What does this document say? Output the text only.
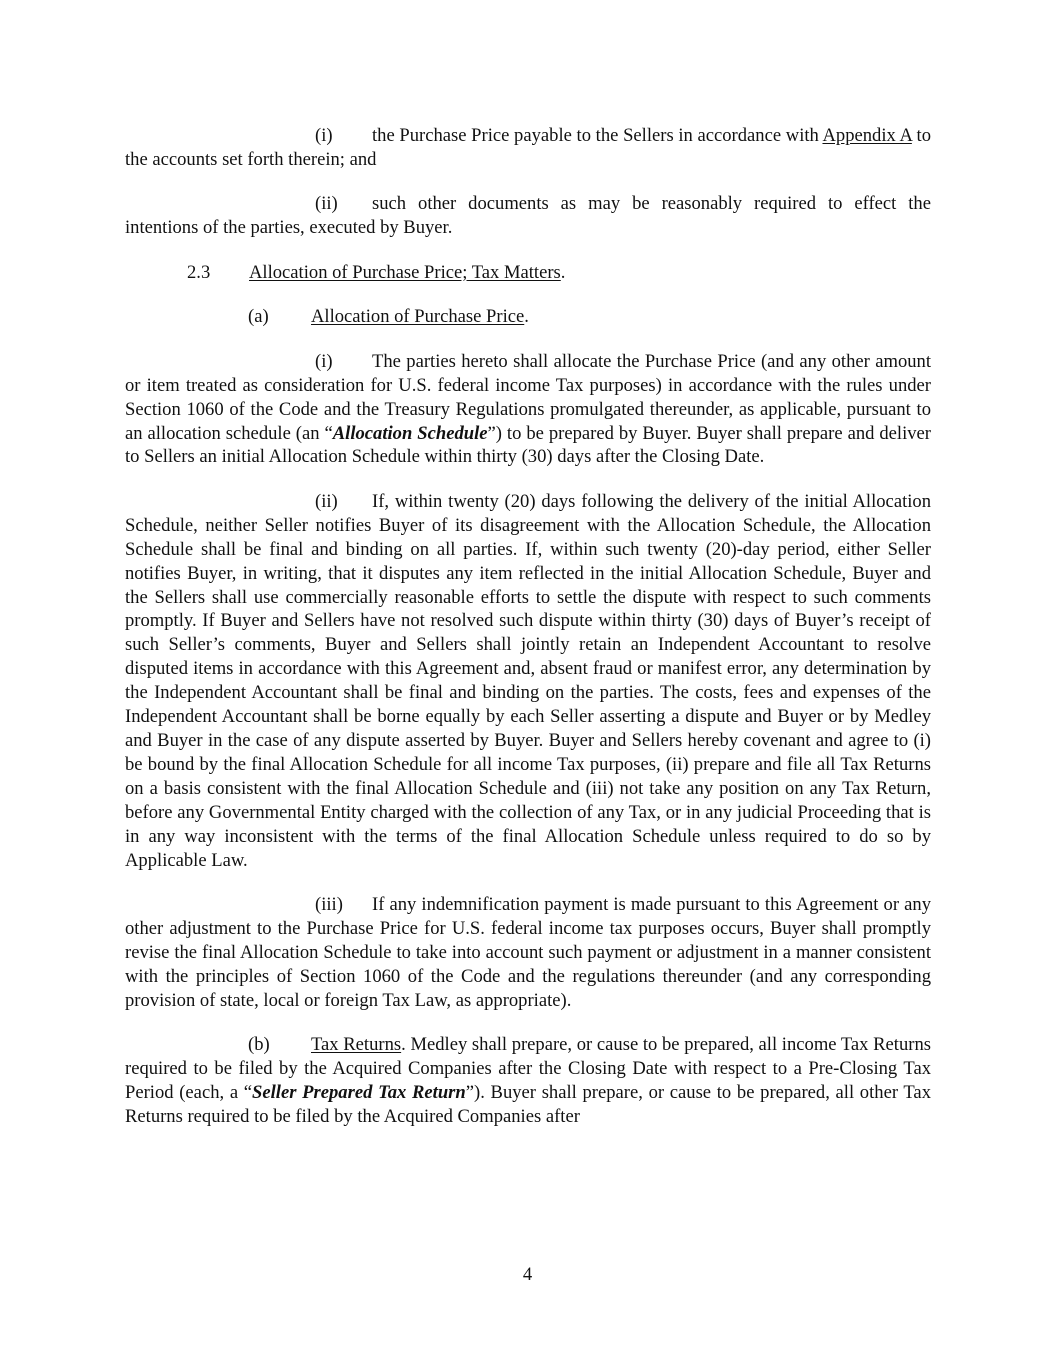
(i) the Purchase Price payable to the Sellers in accordance with Appendix A to the accounts set forth therein; and

(ii) such other documents as may be reasonably required to effect the intentions of the parties, executed by Buyer.

2.3 Allocation of Purchase Price; Tax Matters.

(a) Allocation of Purchase Price.

(i) The parties hereto shall allocate the Purchase Price (and any other amount or item treated as consideration for U.S. federal income Tax purposes) in accordance with the rules under Section 1060 of the Code and the Treasury Regulations promulgated thereunder, as applicable, pursuant to an allocation schedule (an “Allocation Schedule”) to be prepared by Buyer. Buyer shall prepare and deliver to Sellers an initial Allocation Schedule within thirty (30) days after the Closing Date.

(ii) If, within twenty (20) days following the delivery of the initial Allocation Schedule, neither Seller notifies Buyer of its disagreement with the Allocation Schedule, the Allocation Schedule shall be final and binding on all parties. If, within such twenty (20)-day period, either Seller notifies Buyer, in writing, that it disputes any item reflected in the initial Allocation Schedule, Buyer and the Sellers shall use commercially reasonable efforts to settle the dispute with respect to such comments promptly. If Buyer and Sellers have not resolved such dispute within thirty (30) days of Buyer’s receipt of such Seller’s comments, Buyer and Sellers shall jointly retain an Independent Accountant to resolve disputed items in accordance with this Agreement and, absent fraud or manifest error, any determination by the Independent Accountant shall be final and binding on the parties. The costs, fees and expenses of the Independent Accountant shall be borne equally by each Seller asserting a dispute and Buyer or by Medley and Buyer in the case of any dispute asserted by Buyer. Buyer and Sellers hereby covenant and agree to (i) be bound by the final Allocation Schedule for all income Tax purposes, (ii) prepare and file all Tax Returns on a basis consistent with the final Allocation Schedule and (iii) not take any position on any Tax Return, before any Governmental Entity charged with the collection of any Tax, or in any judicial Proceeding that is in any way inconsistent with the terms of the final Allocation Schedule unless required to do so by Applicable Law.

(iii) If any indemnification payment is made pursuant to this Agreement or any other adjustment to the Purchase Price for U.S. federal income tax purposes occurs, Buyer shall promptly revise the final Allocation Schedule to take into account such payment or adjustment in a manner consistent with the principles of Section 1060 of the Code and the regulations thereunder (and any corresponding provision of state, local or foreign Tax Law, as appropriate).

(b) Tax Returns. Medley shall prepare, or cause to be prepared, all income Tax Returns required to be filed by the Acquired Companies after the Closing Date with respect to a Pre-Closing Tax Period (each, a “Seller Prepared Tax Return”). Buyer shall prepare, or cause to be prepared, all other Tax Returns required to be filed by the Acquired Companies after

4
